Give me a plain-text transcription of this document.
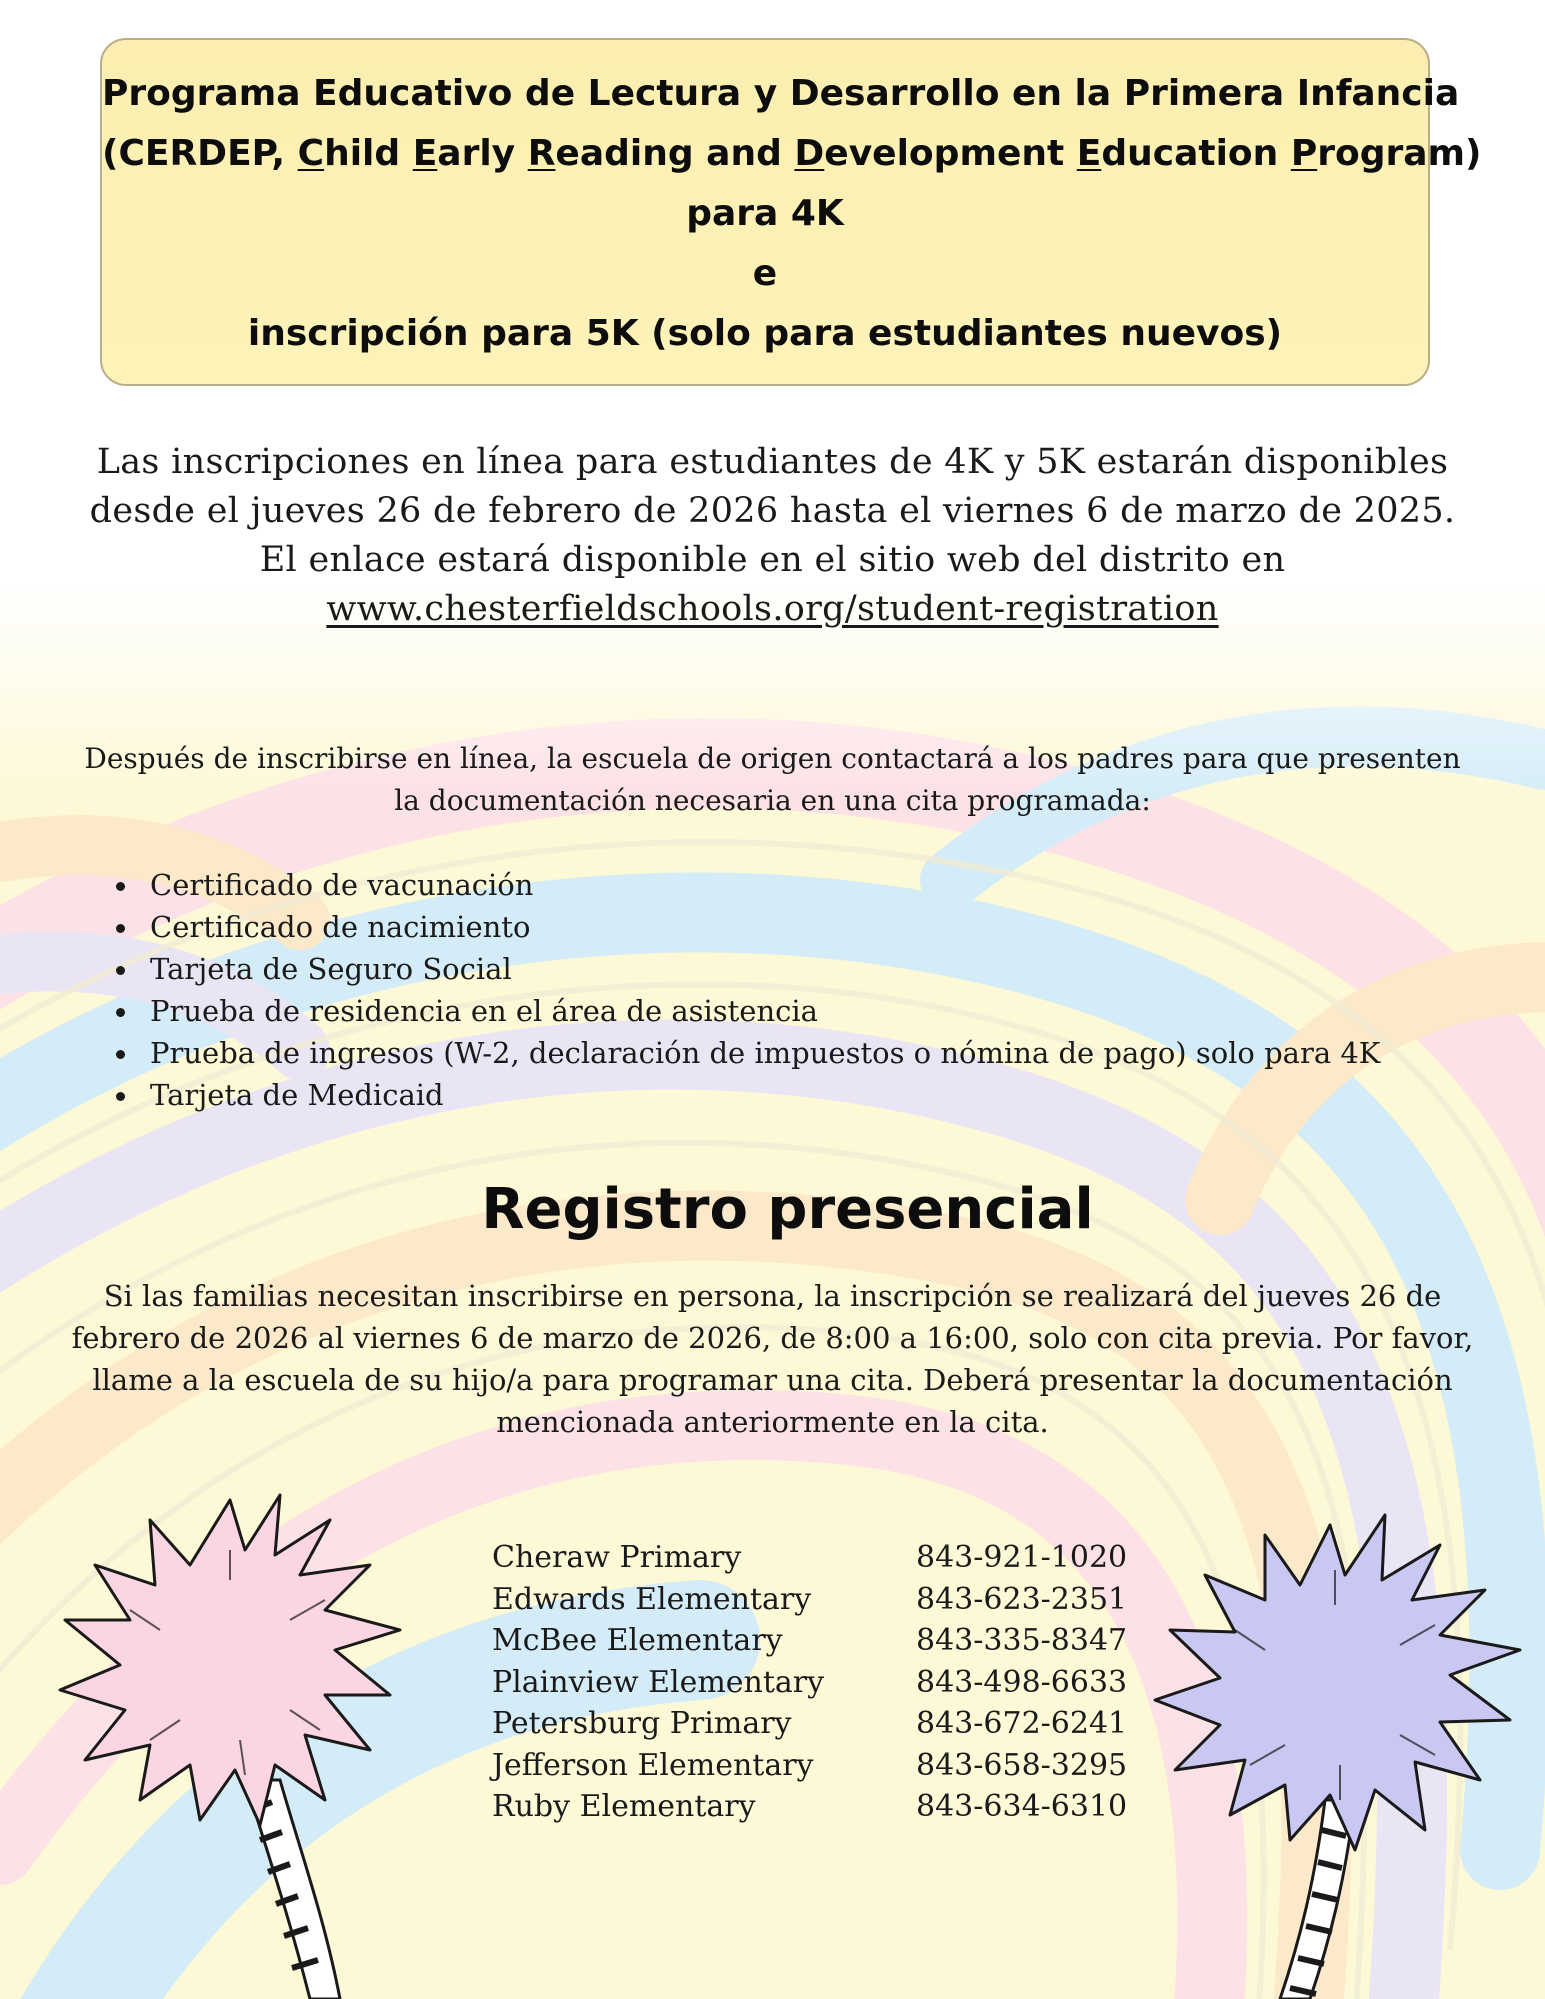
Programa Educativo de Lectura y Desarrollo en la Primera Infancia
(CERDEP, Child Early Reading and Development Education Program)
para 4K
e
inscripción para 5K (solo para estudiantes nuevos)
Las inscripciones en línea para estudiantes de 4K y 5K estarán disponibles desde el jueves 26 de febrero de 2026 hasta el viernes 6 de marzo de 2025. El enlace estará disponible en el sitio web del distrito en www.chesterfieldschools.org/student-registration
Después de inscribirse en línea, la escuela de origen contactará a los padres para que presenten la documentación necesaria en una cita programada:
Certificado de vacunación
Certificado de nacimiento
Tarjeta de Seguro Social
Prueba de residencia en el área de asistencia
Prueba de ingresos (W-2, declaración de impuestos o nómina de pago) solo para 4K
Tarjeta de Medicaid
Registro presencial
Si las familias necesitan inscribirse en persona, la inscripción se realizará del jueves 26 de febrero de 2026 al viernes 6 de marzo de 2026, de 8:00 a 16:00, solo con cita previa. Por favor, llame a la escuela de su hijo/a para programar una cita. Deberá presentar la documentación mencionada anteriormente en la cita.
Cheraw Primary	843-921-1020
Edwards Elementary	843-623-2351
McBee Elementary	843-335-8347
Plainview Elementary	843-498-6633
Petersburg Primary	843-672-6241
Jefferson Elementary	843-658-3295
Ruby Elementary	843-634-6310
